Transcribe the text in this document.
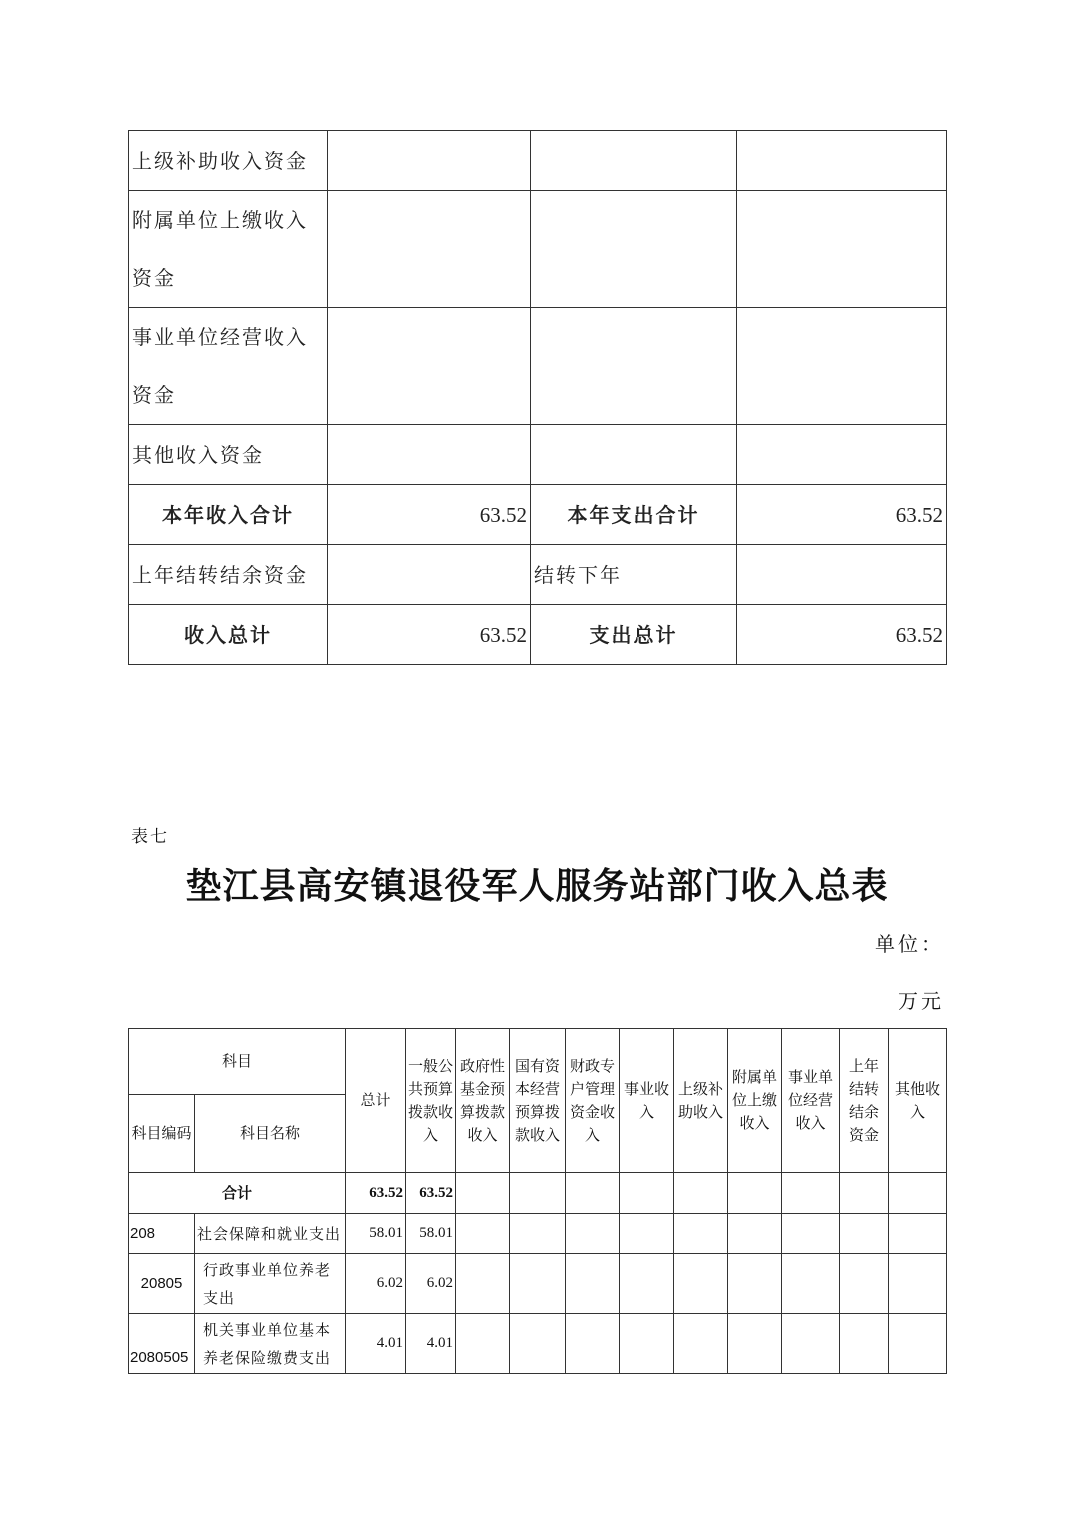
上级补助收入资金			
附属单位上缴收入资金			
事业单位经营收入资金			
其他收入资金			
本年收入合计	63.52	本年支出合计	63.52
上年结转结余资金		结转下年	
收入总计	63.52	支出总计	63.52
表七
垫江县高安镇退役军人服务站部门收入总表
单位：
万元
科目		总计	一般公共预算拨款收入	政府性基金预算拨款收入	国有资本经营预算拨款收入	财政专户管理资金收入	事业收入	上级补助收入	附属单位上缴收入	事业单位经营收入	上年结转结余资金	其他收入
科目编码	科目名称											
合计		63.52	63.52									
208	社会保障和就业支出	58.01	58.01									
20805	行政事业单位养老支出	6.02	6.02									
2080505	机关事业单位基本养老保险缴费支出	4.01	4.01									
